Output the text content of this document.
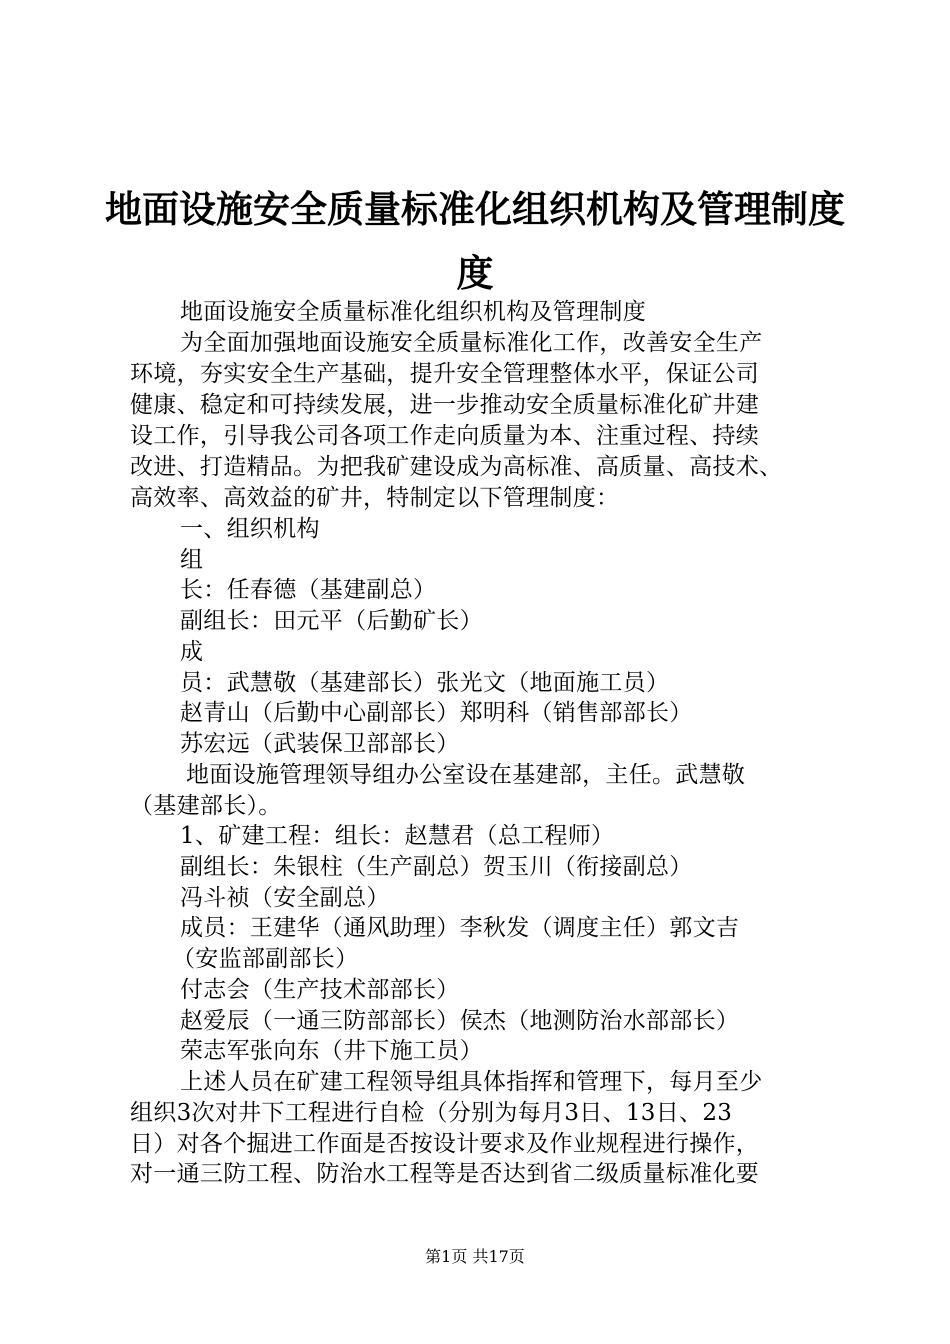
地面设施安全质量标准化组织机构及管理制度
度
地面设施安全质量标准化组织机构及管理制度
为全面加强地面设施安全质量标准化工作，改善安全生产
环境，夯实安全生产基础，提升安全管理整体水平，保证公司
健康、稳定和可持续发展，进一步推动安全质量标准化矿井建
设工作，引导我公司各项工作走向质量为本、注重过程、持续
改进、打造精品。为把我矿建设成为高标准、高质量、高技术、
高效率、高效益的矿井，特制定以下管理制度：
一、组织机构
组
长：任春德（基建副总）
副组长：田元平（后勤矿长）
成
员：武慧敬（基建部长）张光文（地面施工员）
赵青山（后勤中心副部长）郑明科（销售部部长）
苏宏远（武装保卫部部长）
地面设施管理领导组办公室设在基建部，主任。武慧敬
（基建部长）。
1、矿建工程：组长：赵慧君（总工程师）
副组长：朱银柱（生产副总）贺玉川（衔接副总）
冯斗祯（安全副总）
成员：王建华（通风助理）李秋发（调度主任）郭文吉
（安监部副部长）
付志会（生产技术部部长）
赵爱辰（一通三防部部长）侯杰（地测防治水部部长）
荣志军张向东（井下施工员）
上述人员在矿建工程领导组具体指挥和管理下，每月至少
组织3次对井下工程进行自检（分别为每月3日、13日、23
日）对各个掘进工作面是否按设计要求及作业规程进行操作，
对一通三防工程、防治水工程等是否达到省二级质量标准化要
第1页 共17页
